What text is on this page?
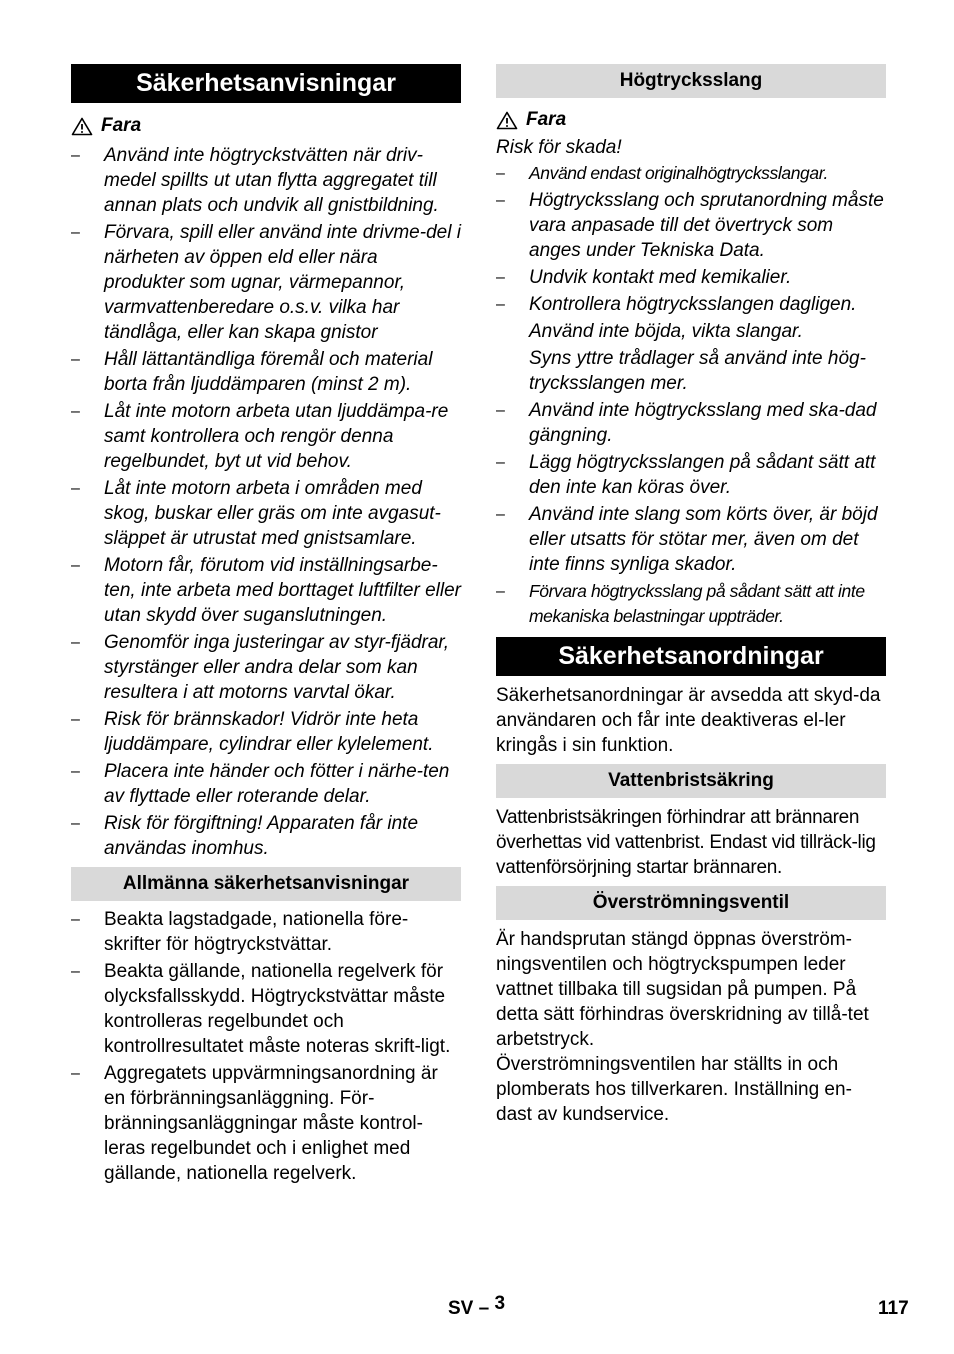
Säkerhetsanvisningar
Fara
– Använd inte högtryckstvätten när driv-medel spillts ut utan flytta aggregatet till annan plats och undvik all gnistbildning.
– Förvara, spill eller använd inte drivme-del i närheten av öppen eld eller nära produkter som ugnar, värmepannor, varmvattenberedare o.s.v. vilka har tändlåga, eller kan skapa gnistor
– Håll lättantändliga föremål och material borta från ljuddämparen (minst 2 m).
– Låt inte motorn arbeta utan ljuddämpa-re samt kontrollera och rengör denna regelbundet, byt ut vid behov.
– Låt inte motorn arbeta i områden med skog, buskar eller gräs om inte avgasut-släppet är utrustat med gnistsamlare.
– Motorn får, förutom vid inställningsarbe-ten, inte arbeta med borttaget luftfilter eller utan skydd över suganslutningen.
– Genomför inga justeringar av styr-fjädrar, styrstänger eller andra delar som kan resultera i att motorns varvtal ökar.
– Risk för brännskador! Vidrör inte heta ljuddämpare, cylindrar eller kylelement.
– Placera inte händer och fötter i närhe-ten av flyttade eller roterande delar.
– Risk för förgiftning! Apparaten får inte användas inomhus.
Allmänna säkerhetsanvisningar
– Beakta lagstadgade, nationella före-skrifter för högtryckstvättar.
– Beakta gällande, nationella regelverk för olycksfallsskydd. Högtryckstvättar måste kontrolleras regelbundet och kontrollresultatet måste noteras skrift-ligt.
– Aggregatets uppvärmningsanordning är en förbränningsanläggning. För-bränningsanläggningar måste kontrol-leras regelbundet och i enlighet med gällande, nationella regelverk.
Högtrycksslang
Fara

Risk för skada!

– Använd endast originalhögtrycksslangar.
– Högtrycksslang och sprutanordning måste vara anpasade till det övertryck som anges under Tekniska Data.
– Undvik kontakt med kemikalier.
– Kontrollera högtrycksslangen dagligen.
Använd inte böjda, vikta slangar.
Syns yttre trådlager så använd inte hög-trycksslangen mer.
– Använd inte högtrycksslang med ska-dad gängning.
– Lägg högtrycksslangen på sådant sätt att den inte kan köras över.
– Använd inte slang som körts över, är böjd eller utsatts för stötar mer, även om det inte finns synliga skador.
– Förvara högtrycksslang på sådant sätt att inte mekaniska belastningar uppträder.
Säkerhetsanordningar

Säkerhetsanordningar är avsedda att skyd-da användaren och får inte deaktiveras el-ler kringås i sin funktion.

Vattenbristsäkring

Vattenbristsäkringen förhindrar att brännaren överhettas vid vattenbrist. Endast vid tillräck-lig vattenförsörjning startar brännaren.

Överströmningsventil

Är handsprutan stängd öppnas överström-ningsventilen och högtryckspumpen leder vattnet tillbaka till sugsidan på pumpen. På detta sätt förhindras överskridning av tillå-tet arbetstryck.

Överströmningsventilen har ställts in och plomberats hos tillverkaren. Inställning en-dast av kundservice.

SV – 3	117
